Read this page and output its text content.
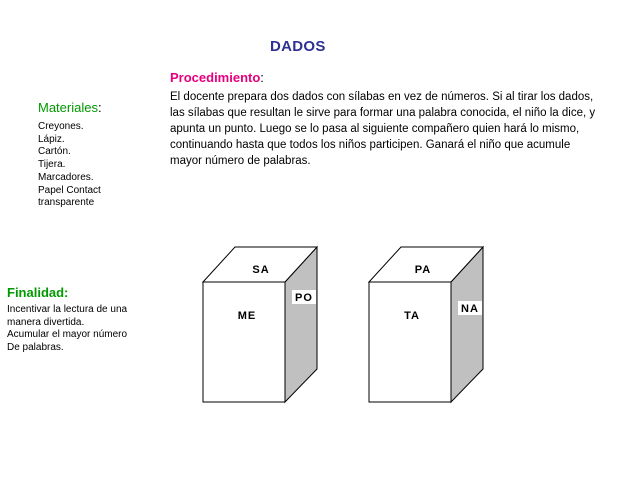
DADOS
Procedimiento:

El docente prepara dos dados con sílabas en vez de números. Si al tirar los dados,

las sílabas que resultan le sirve para formar una palabra conocida, el niño la dice, y

apunta un punto. Luego se lo pasa al siguiente compañero quien hará lo mismo,

continuando hasta que todos los niños participen. Ganará el niño que acumule

mayor número de palabras.

Materiales:
Creyones.
Lápiz.
Cartón.
Tijera.
Marcadores.
Papel Contact
transparente
Finalidad:
Incentivar la lectura de una
manera divertida.
Acumular el mayor número
De palabras.
SA
ME
PO
PA
TA
NA
